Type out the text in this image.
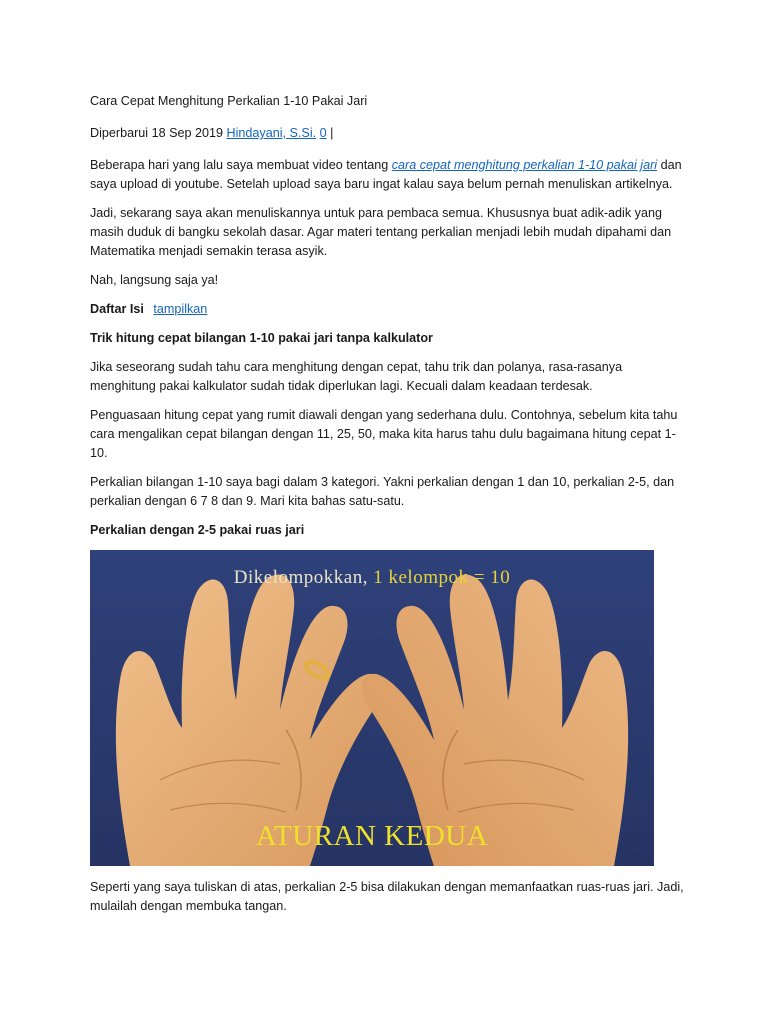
Cara Cepat Menghitung Perkalian 1-10 Pakai Jari

Diperbarui 18 Sep 2019 Hindayani, S.Si. 0 |

Beberapa hari yang lalu saya membuat video tentang cara cepat menghitung perkalian 1-10 pakai jari dan saya upload di youtube. Setelah upload saya baru ingat kalau saya belum pernah menuliskan artikelnya.

Jadi, sekarang saya akan menuliskannya untuk para pembaca semua. Khususnya buat adik-adik yang masih duduk di bangku sekolah dasar. Agar materi tentang perkalian menjadi lebih mudah dipahami dan Matematika menjadi semakin terasa asyik.

Nah, langsung saja ya!

Daftar Isi tampilkan

Trik hitung cepat bilangan 1-10 pakai jari tanpa kalkulator

Jika seseorang sudah tahu cara menghitung dengan cepat, tahu trik dan polanya, rasa-rasanya menghitung pakai kalkulator sudah tidak diperlukan lagi. Kecuali dalam keadaan terdesak.

Penguasaan hitung cepat yang rumit diawali dengan yang sederhana dulu. Contohnya, sebelum kita tahu cara mengalikan cepat bilangan dengan 11, 25, 50, maka kita harus tahu dulu bagaimana hitung cepat 1-10.

Perkalian bilangan 1-10 saya bagi dalam 3 kategori. Yakni perkalian dengan 1 dan 10, perkalian 2-5, dan perkalian dengan 6 7 8 dan 9. Mari kita bahas satu-satu.

Perkalian dengan 2-5 pakai ruas jari

Dikelompokkan, 1 kelompok = 10
ATURAN KEDUA

Seperti yang saya tuliskan di atas, perkalian 2-5 bisa dilakukan dengan memanfaatkan ruas-ruas jari. Jadi, mulailah dengan membuka tangan.
